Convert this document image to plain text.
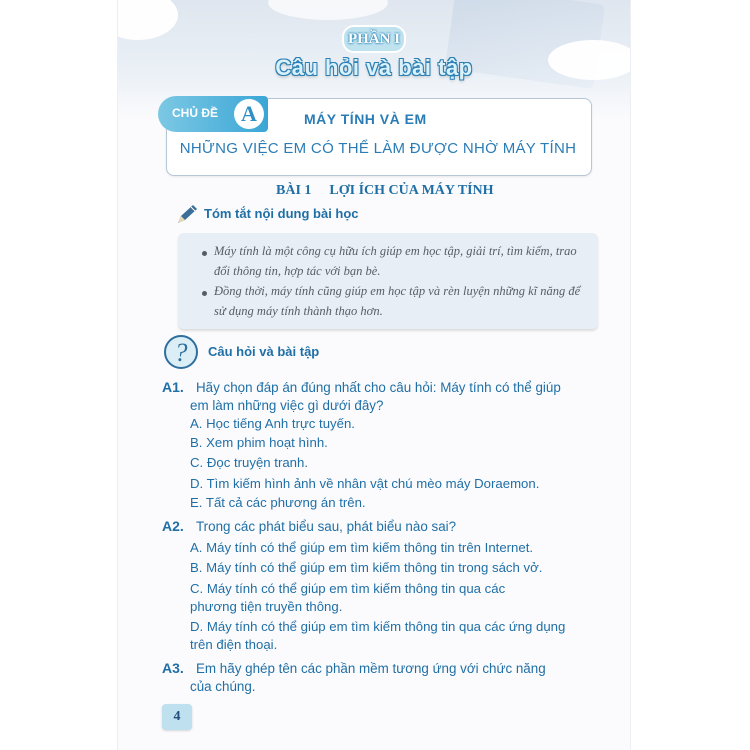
PHẦN I
Câu hỏi và bài tập
CHỦ ĐỀ	A	MÁY TÍNH VÀ EM
NHỮNG VIỆC EM CÓ THỂ LÀM ĐƯỢC NHỜ MÁY TÍNH
BÀI 1 LỢI ÍCH CỦA MÁY TÍNH
Tóm tắt nội dung bài học

Máy tính là một công cụ hữu ích giúp em học tập, giải trí, tìm kiếm, trao đổi thông tin, hợp tác với bạn bè.

Đồng thời, máy tính cũng giúp em học tập và rèn luyện những kĩ năng để sử dụng máy tính thành thạo hơn.

? Câu hỏi và bài tập
A1. Hãy chọn đáp án đúng nhất cho câu hỏi: Máy tính có thể giúp
em làm những việc gì dưới đây?
A. Học tiếng Anh trực tuyến.
B. Xem phim hoạt hình.
C. Đọc truyện tranh.
D. Tìm kiếm hình ảnh về nhân vật chú mèo máy Doraemon.
E. Tất cả các phương án trên.
A2. Trong các phát biểu sau, phát biểu nào sai?
A. Máy tính có thể giúp em tìm kiếm thông tin trên Internet.
B. Máy tính có thể giúp em tìm kiếm thông tin trong sách vở.
C. Máy tính có thể giúp em tìm kiếm thông tin qua các
phương tiện truyền thông.
D. Máy tính có thể giúp em tìm kiếm thông tin qua các ứng dụng
trên điện thoại.
A3. Em hãy ghép tên các phần mềm tương ứng với chức năng
của chúng.
4
